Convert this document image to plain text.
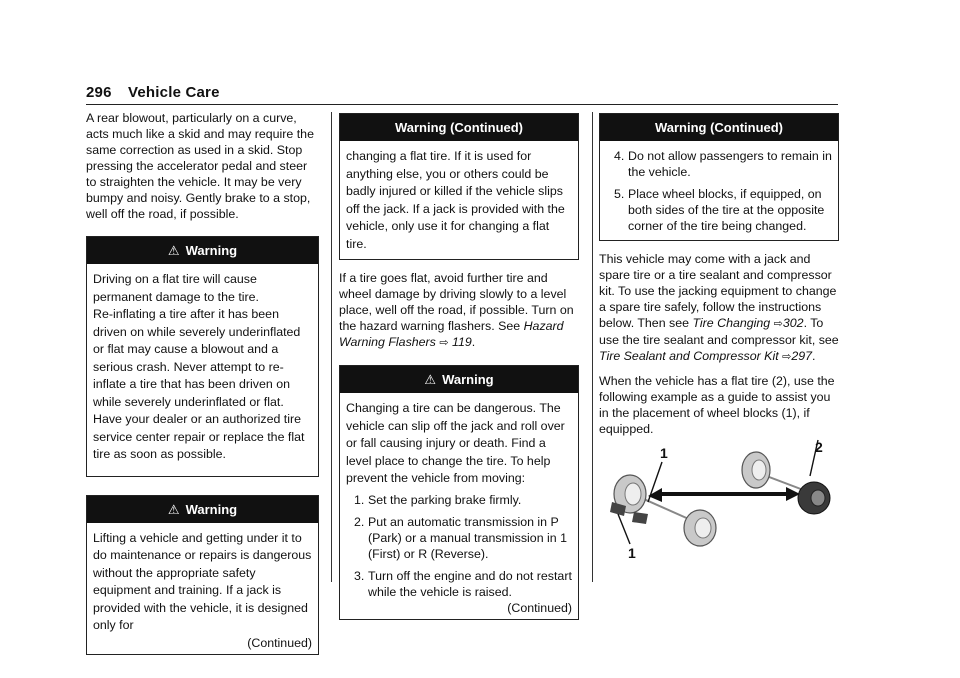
296 Vehicle Care

A rear blowout, particularly on a curve, acts much like a skid and may require the same correction as used in a skid. Stop pressing the accelerator pedal and steer to straighten the vehicle. It may be very bumpy and noisy. Gently brake to a stop, well off the road, if possible.

⚠ Warning

Driving on a flat tire will cause permanent damage to the tire.

Re-inflating a tire after it has been driven on while severely underinflated or flat may cause a blowout and a serious crash. Never attempt to re-inflate a tire that has been driven on while severely underinflated or flat. Have your dealer or an authorized tire service center repair or replace the flat tire as soon as possible.

⚠ Warning

Lifting a vehicle and getting under it to do maintenance or repairs is dangerous without the appropriate safety equipment and training. If a jack is provided with the vehicle, it is designed only for

(Continued)

Warning (Continued)

changing a flat tire. If it is used for anything else, you or others could be badly injured or killed if the vehicle slips off the jack. If a jack is provided with the vehicle, only use it for changing a flat tire.

If a tire goes flat, avoid further tire and wheel damage by driving slowly to a level place, well off the road, if possible. Turn on the hazard warning flashers. See Hazard Warning Flashers ⇨ 119.

⚠ Warning

Changing a tire can be dangerous. The vehicle can slip off the jack and roll over or fall causing injury or death. Find a level place to change the tire. To help prevent the vehicle from moving:

1. Set the parking brake firmly.
2. Put an automatic transmission in P (Park) or a manual transmission in 1 (First) or R (Reverse).
3. Turn off the engine and do not restart while the vehicle is raised.

(Continued)

Warning (Continued)
4. Do not allow passengers to remain in the vehicle.
5. Place wheel blocks, if equipped, on both sides of the tire at the opposite corner of the tire being changed.

This vehicle may come with a jack and spare tire or a tire sealant and compressor kit. To use the jacking equipment to change a spare tire safely, follow the instructions below. Then see Tire Changing ⇨302. To use the tire sealant and compressor kit, see Tire Sealant and Compressor Kit ⇨297.

When the vehicle has a flat tire (2), use the following example as a guide to assist you in the placement of wheel blocks (1), if equipped.

2
1
1
